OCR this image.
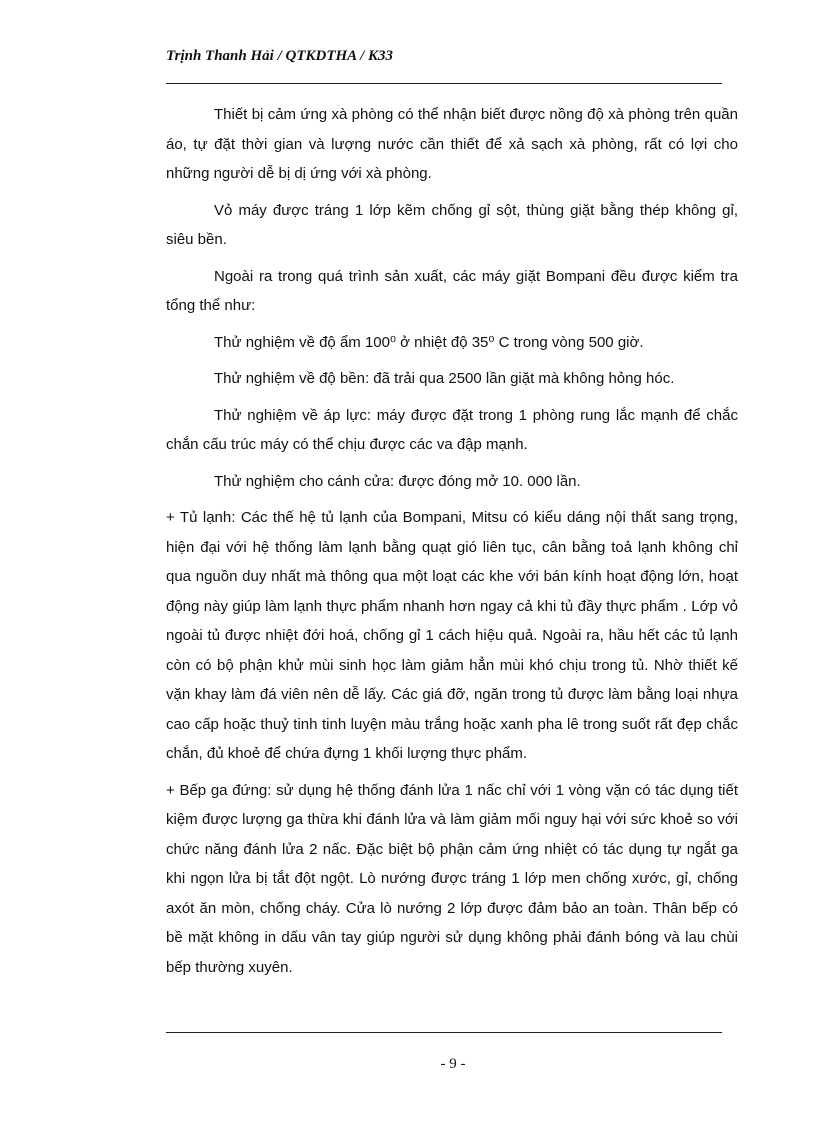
Trịnh Thanh Hải / QTKDTHA / K33

Thiết bị cảm ứng xà phòng có thể nhận biết được nồng độ xà phòng trên quần áo, tự đặt thời gian và lượng nước cần thiết để xả sạch xà phòng, rất có lợi cho những người dễ bị dị ứng với xà phòng.

Vỏ máy được tráng 1 lớp kẽm chống gỉ sột, thùng giặt bằng thép không gỉ, siêu bền.

Ngoài ra trong quá trình sản xuất, các máy giặt Bompani đều được kiểm tra tổng thể như:

Thử nghiệm về độ ẩm 100⁰ ở nhiệt độ 35⁰ C trong vòng 500 giờ.

Thử nghiệm về độ bền: đã trải qua 2500 lần giặt mà không hỏng hóc.

Thử nghiệm về áp lực: máy được đặt trong 1 phòng rung lắc mạnh để chắc chắn cấu trúc máy có thể chịu được các va đập mạnh.

Thử nghiệm cho cánh cửa: được đóng mở 10. 000 lần.

+ Tủ lạnh: Các thế hệ tủ lạnh của Bompani, Mitsu có kiểu dáng nội thất sang trọng, hiện đại với hệ thống làm lạnh bằng quạt gió liên tục, cân bằng toả lạnh không chỉ qua nguồn duy nhất mà thông qua một loạt các khe với bán kính hoạt động lớn, hoạt động này giúp làm lạnh thực phẩm nhanh hơn ngay cả khi tủ đầy thực phẩm . Lớp vỏ ngoài tủ được nhiệt đới hoá, chống gỉ 1 cách hiệu quả. Ngoài ra, hầu hết các tủ lạnh còn có bộ phận khử mùi sinh học làm giảm hẳn mùi khó chịu trong tủ. Nhờ thiết kế vặn khay làm đá viên nên dễ lấy. Các giá đỡ, ngăn trong tủ được làm bằng loại nhựa cao cấp hoặc thuỷ tinh tinh luyện màu trắng hoặc xanh pha lê trong suốt rất đẹp chắc chắn, đủ khoẻ để chứa đựng 1 khối lượng thực phẩm.

+ Bếp ga đứng: sử dụng hệ thống đánh lửa 1 nấc chỉ với 1 vòng vặn có tác dụng tiết kiệm được lượng ga thừa khi đánh lửa và làm giảm mối nguy hại với sức khoẻ so với chức năng đánh lửa 2 nấc. Đặc biệt bộ phận cảm ứng nhiệt có tác dụng tự ngắt ga khi ngọn lửa bị tắt đột ngột. Lò nướng được tráng 1 lớp men chống xước, gỉ, chống axót ăn mòn, chống cháy. Cửa lò nướng 2 lớp được đảm bảo an toàn. Thân bếp có bề mặt không in dấu vân tay giúp người sử dụng không phải đánh bóng và lau chùi bếp thường xuyên.

- 9 -
